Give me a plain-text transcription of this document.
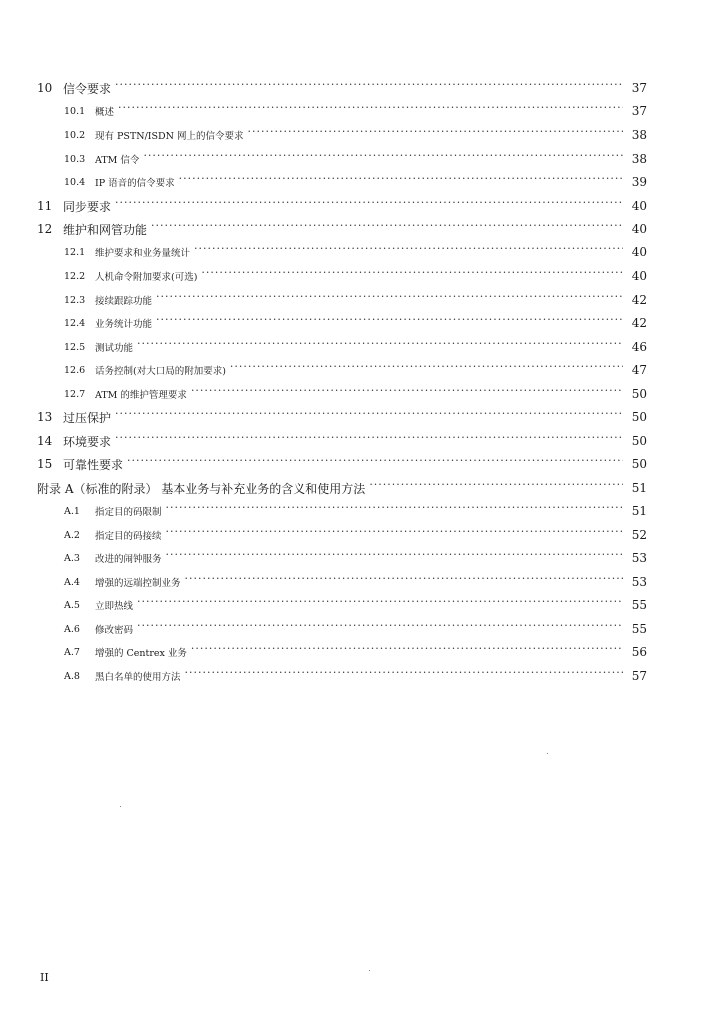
10 信令要求 ·····	37
10.1	概述 ·····	37
10.2	现有 PSTN/ISDN 网上的信令要求 ·····	38
10.3	ATM 信令 ·····	38
10.4	IP 语音的信令要求 ·····	39
11 同步要求 ·····	40
12 维护和网管功能 ·····	40
12.1	维护要求和业务量统计 ·····	40
12.2	人机命令附加要求(可选) ·····	40
12.3	接续跟踪功能 ·····	42
12.4	业务统计功能 ·····	42
12.5	测试功能 ·····	46
12.6	话务控制(对大口局的附加要求) ·····	47
12.7	ATM 的维护管理要求 ·····	50
13 过压保护 ·····	50
14 环境要求 ·····	50
15 可靠性要求 ·····	50
附录 A（标准的附录） 基本业务与补充业务的含义和使用方法 ·····	51
A.1	指定目的码限制 ·····	51
A.2	指定目的码接续 ·····	52
A.3	改进的闹钟服务 ·····	53
A.4	增强的远端控制业务 ·····	53
A.5	立即热线 ·····	55
A.6	修改密码 ·····	55
A.7	增强的 Centrex 业务 ·····	56
A.8	黑白名单的使用方法 ·····	57
II
